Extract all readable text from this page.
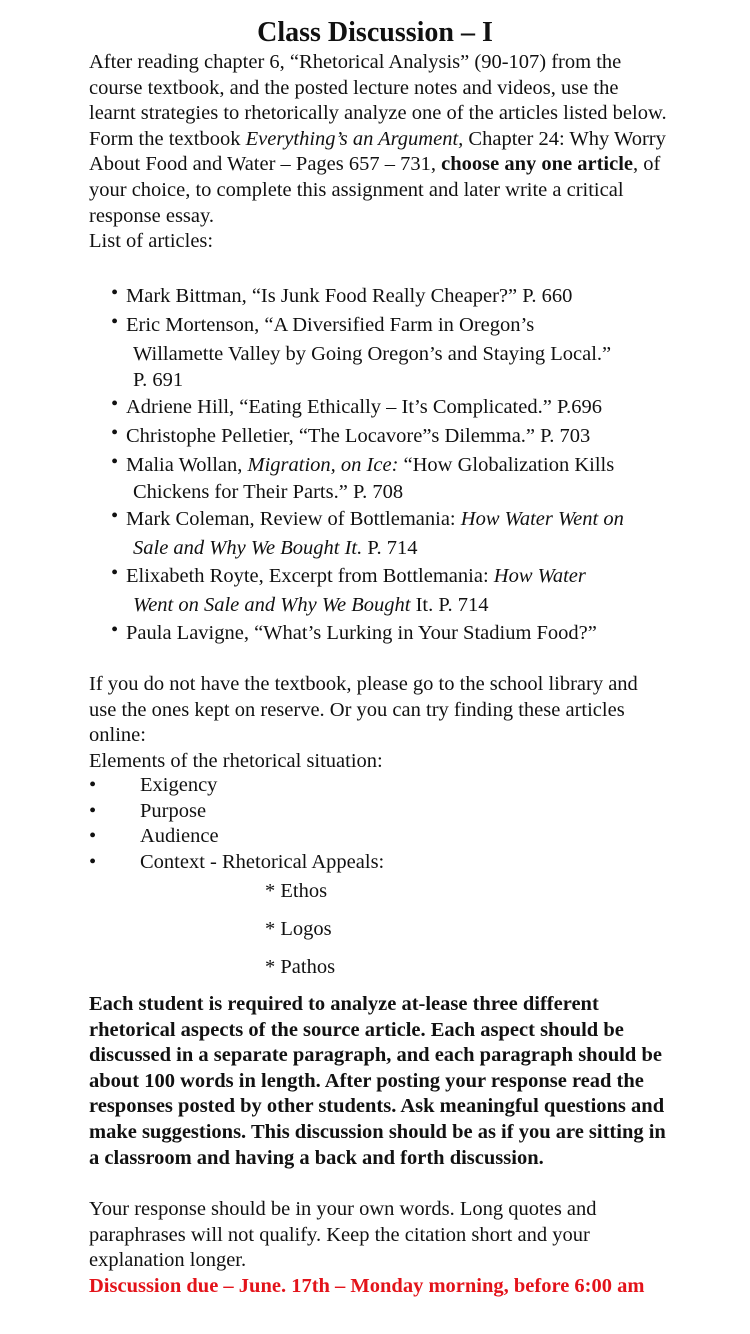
Class Discussion – I

After reading chapter 6, “Rhetorical Analysis” (90-107) from the course textbook, and the posted lecture notes and videos, use the learnt strategies to rhetorically analyze one of the articles listed below.

Form the textbook Everything’s an Argument, Chapter 24: Why Worry About Food and Water – Pages 657 – 731, choose any one article, of your choice, to complete this assignment and later write a critical response essay.

List of articles:

• Mark Bittman, “Is Junk Food Really Cheaper?” P. 660
• Eric Mortenson, “A Diversified Farm in Oregon’s
Willamette Valley by Going Oregon’s and Staying Local.”
P. 691
• Adriene Hill, “Eating Ethically – It’s Complicated.” P.696
• Christophe Pelletier, “The Locavore”s Dilemma.” P. 703
• Malia Wollan, Migration, on Ice: “How Globalization Kills
Chickens for Their Parts.” P. 708
• Mark Coleman, Review of Bottlemania: How Water Went on
Sale and Why We Bought It. P. 714
• Elixabeth Royte, Excerpt from Bottlemania: How Water
Went on Sale and Why We Bought It. P. 714
• Paula Lavigne, “What’s Lurking in Your Stadium Food?”

If you do not have the textbook, please go to the school library and use the ones kept on reserve. Or you can try finding these articles online:

Elements of the rhetorical situation:

• Exigency
• Purpose
• Audience
• Context - Rhetorical Appeals:
* Ethos
* Logos
* Pathos

Each student is required to analyze at-lease three different rhetorical aspects of the source article. Each aspect should be discussed in a separate paragraph, and each paragraph should be about 100 words in length. After posting your response read the responses posted by other students. Ask meaningful questions and make suggestions. This discussion should be as if you are sitting in a classroom and having a back and forth discussion.

Your response should be in your own words. Long quotes and paraphrases will not qualify. Keep the citation short and your explanation longer.

Discussion due – June. 17th – Monday morning, before 6:00 am
